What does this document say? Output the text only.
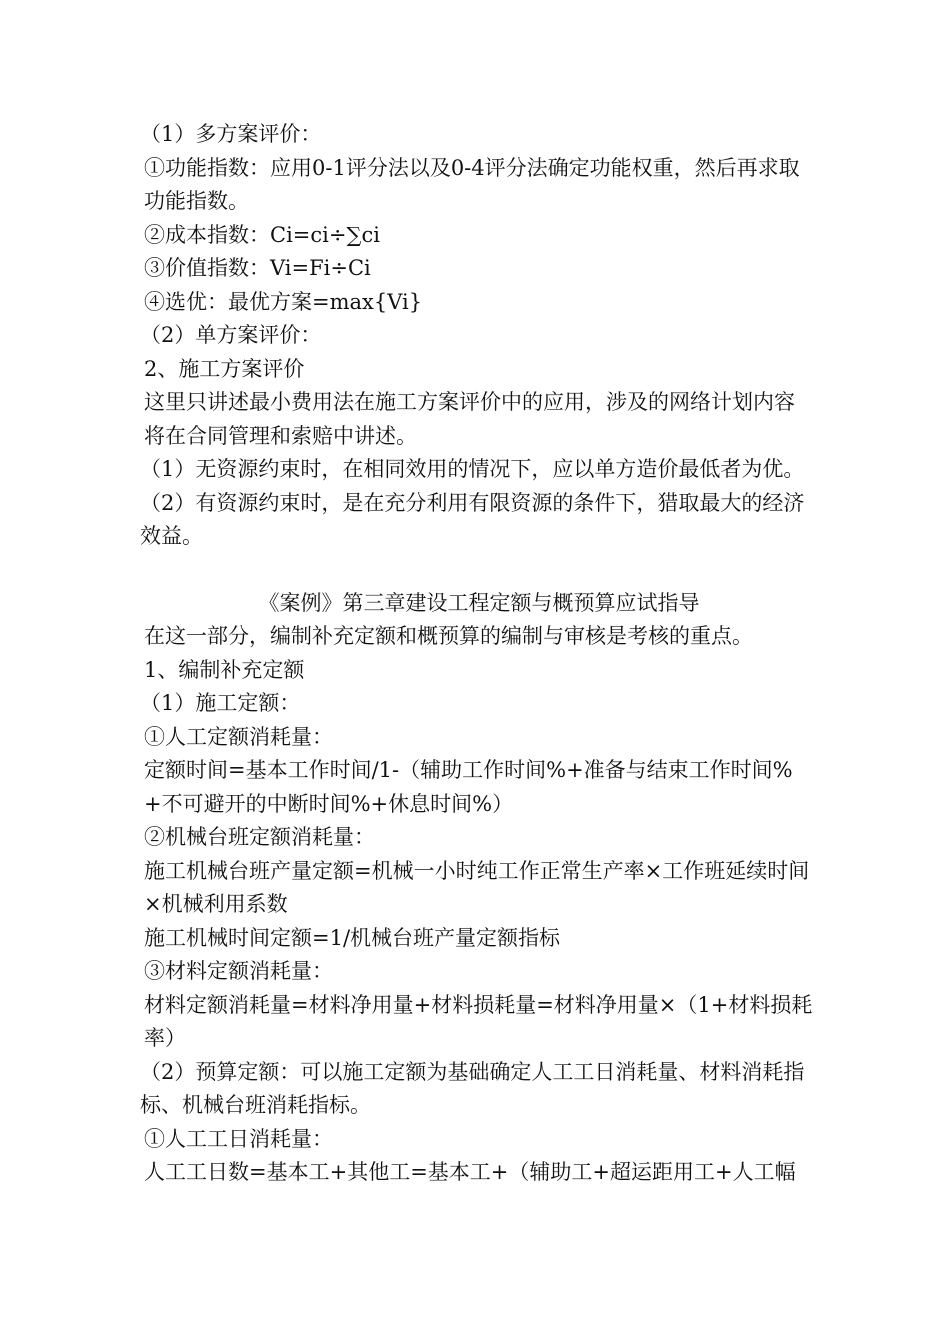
（1）多方案评价：

①功能指数：应用0-1评分法以及0-4评分法确定功能权重，然后再求取功能指数。

②成本指数：Ci=ci÷∑ci

③价值指数：Vi=Fi÷Ci

④选优：最优方案=max{Vi}

（2）单方案评价：

2、施工方案评价

这里只讲述最小费用法在施工方案评价中的应用，涉及的网络计划内容将在合同管理和索赔中讲述。

（1）无资源约束时，在相同效用的情况下，应以单方造价最低者为优。

（2）有资源约束时，是在充分利用有限资源的条件下，猎取最大的经济效益。

《案例》第三章建设工程定额与概预算应试指导

在这一部分，编制补充定额和概预算的编制与审核是考核的重点。

1、编制补充定额

（1）施工定额：

①人工定额消耗量：

定额时间=基本工作时间/1-（辅助工作时间%+准备与结束工作时间%+不可避开的中断时间%+休息时间%）

②机械台班定额消耗量：

施工机械台班产量定额=机械一小时纯工作正常生产率×工作班延续时间×机械利用系数

施工机械时间定额=1/机械台班产量定额指标

③材料定额消耗量：

材料定额消耗量=材料净用量+材料损耗量=材料净用量×（1+材料损耗率）

（2）预算定额：可以施工定额为基础确定人工工日消耗量、材料消耗指标、机械台班消耗指标。

①人工工日消耗量：

人工工日数=基本工+其他工=基本工+（辅助工+超运距用工+人工幅
